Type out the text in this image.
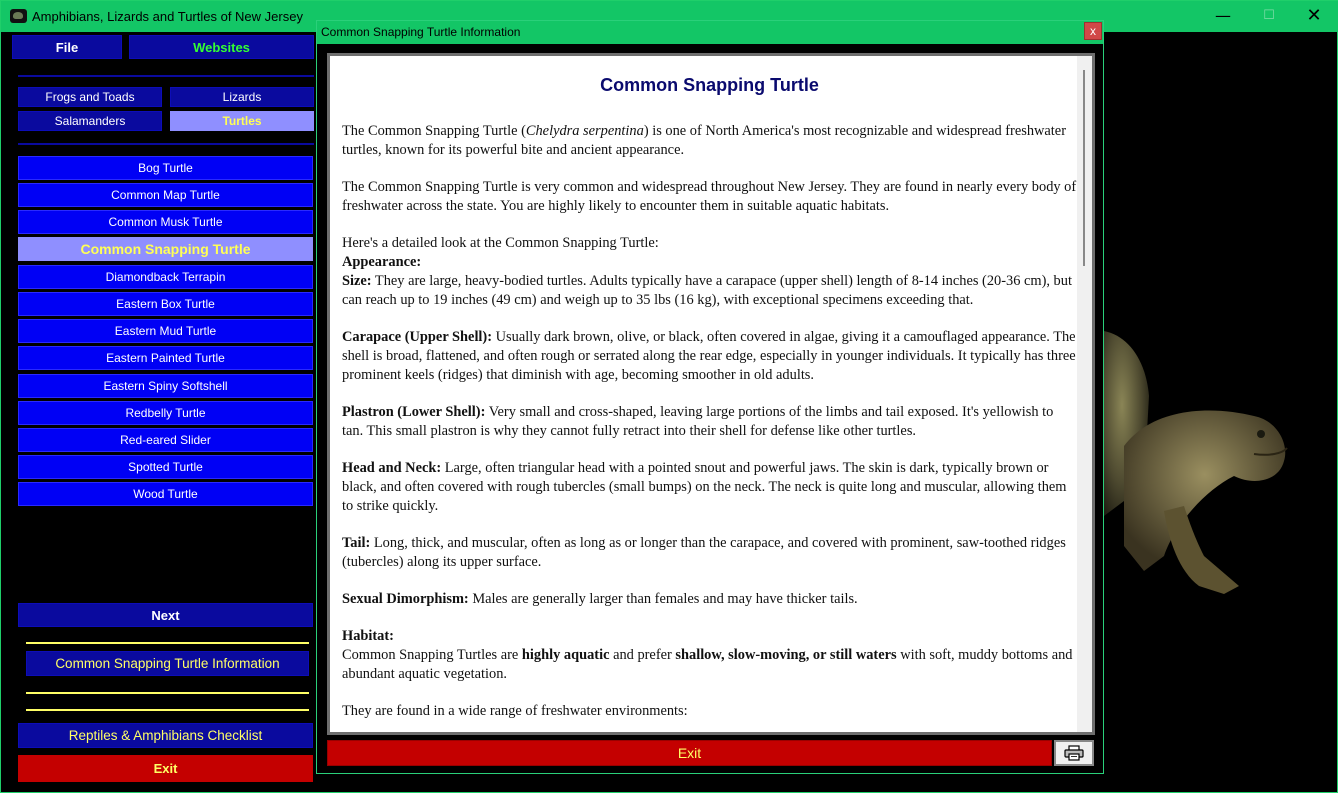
Amphibians, Lizards and Turtles of New Jersey	—	☐	✕
File	Websites
Frogs and Toads	Lizards
Salamanders	Turtles
Bog Turtle
Common Map Turtle
Common Musk Turtle
Common Snapping Turtle
Diamondback Terrapin
Eastern Box Turtle
Eastern Mud Turtle
Eastern Painted Turtle
Eastern Spiny Softshell
Redbelly Turtle
Red-eared Slider
Spotted Turtle
Wood Turtle
Next
Common Snapping Turtle Information
Reptiles & Amphibians Checklist
Exit
Common Snapping Turtle Information	x
Common Snapping Turtle

The Common Snapping Turtle (Chelydra serpentina) is one of North America's most recognizable and widespread freshwater turtles, known for its powerful bite and ancient appearance.

The Common Snapping Turtle is very common and widespread throughout New Jersey. They are found in nearly every body of freshwater across the state. You are highly likely to encounter them in suitable aquatic habitats.

Here's a detailed look at the Common Snapping Turtle:

Appearance:

Size: They are large, heavy-bodied turtles. Adults typically have a carapace (upper shell) length of 8-14 inches (20-36 cm), but can reach up to 19 inches (49 cm) and weigh up to 35 lbs (16 kg), with exceptional specimens exceeding that.

Carapace (Upper Shell): Usually dark brown, olive, or black, often covered in algae, giving it a camouflaged appearance. The shell is broad, flattened, and often rough or serrated along the rear edge, especially in younger individuals. It typically has three prominent keels (ridges) that diminish with age, becoming smoother in old adults.

Plastron (Lower Shell): Very small and cross-shaped, leaving large portions of the limbs and tail exposed. It's yellowish to tan. This small plastron is why they cannot fully retract into their shell for defense like other turtles.

Head and Neck: Large, often triangular head with a pointed snout and powerful jaws. The skin is dark, typically brown or black, and often covered with rough tubercles (small bumps) on the neck. The neck is quite long and muscular, allowing them to strike quickly.

Tail: Long, thick, and muscular, often as long as or longer than the carapace, and covered with prominent, saw-toothed ridges (tubercles) along its upper surface.

Sexual Dimorphism: Males are generally larger than females and may have thicker tails.

Habitat:

Common Snapping Turtles are highly aquatic and prefer shallow, slow-moving, or still waters with soft, muddy bottoms and abundant aquatic vegetation.

They are found in a wide range of freshwater environments:

Exit
